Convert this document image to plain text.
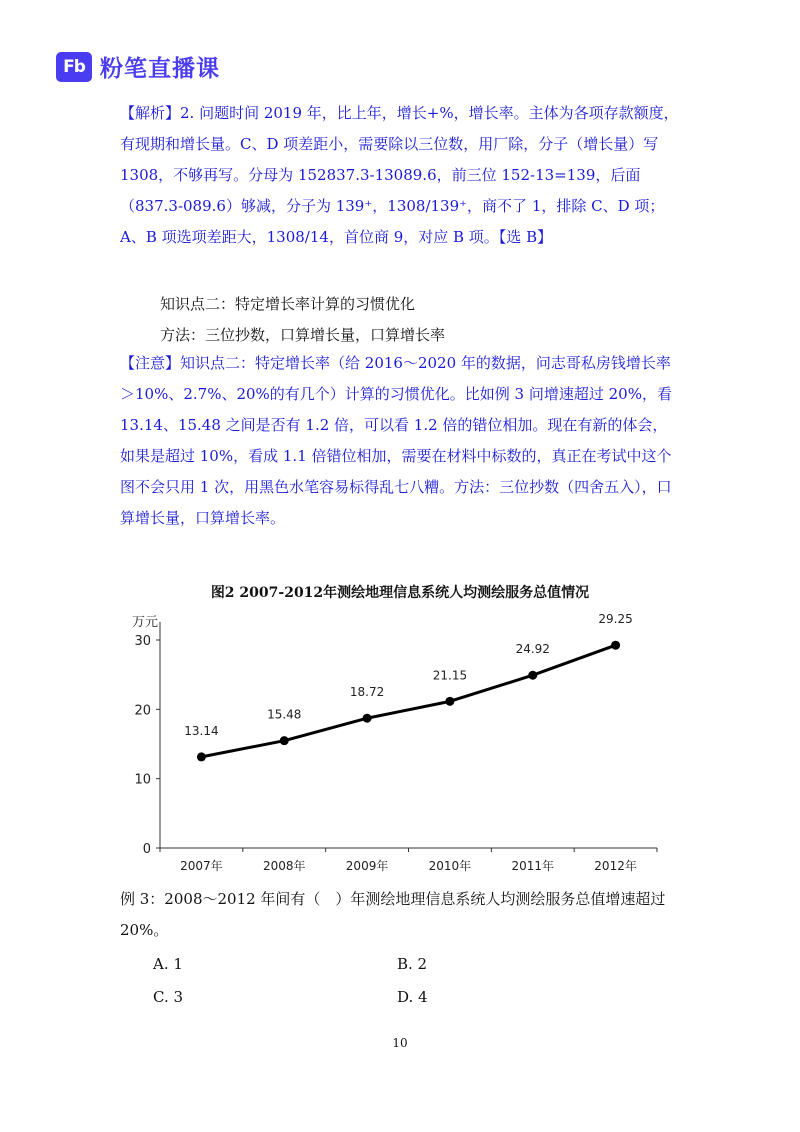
Fb 粉笔直播课

【解析】2. 问题时间 2019 年，比上年，增长+%，增长率。主体为各项存款额度，有现期和增长量。C、D 项差距小，需要除以三位数，用厂除，分子（增长量）写 1308，不够再写。分母为 152837.3-13089.6，前三位 152-13=139，后面（837.3-089.6）够减，分子为 139⁺，1308/139⁺，商不了 1，排除 C、D 项；A、B 项选项差距大，1308/14，首位商 9，对应 B 项。【选 B】

知识点二：特定增长率计算的习惯优化
方法：三位抄数，口算增长量，口算增长率

【注意】知识点二：特定增长率（给 2016～2020 年的数据，问志哥私房钱增长率＞10%、2.7%、20%的有几个）计算的习惯优化。比如例 3 问增速超过 20%，看 13.14、15.48 之间是否有 1.2 倍，可以看 1.2 倍的错位相加。现在有新的体会，如果是超过 10%，看成 1.1 倍错位相加，需要在材料中标数的，真正在考试中这个图不会只用 1 次，用黑色水笔容易标得乱七八糟。方法：三位抄数（四舍五入），口算增长量，口算增长率。

图2 2007-2012年测绘地理信息系统人均测绘服务总值情况
万元
0
10
20
30
2007年	2008年	2009年	2010年	2011年	2012年
13.14
15.48
18.72
21.15
24.92
29.25

例 3：2008～2012 年间有（　）年测绘地理信息系统人均测绘服务总值增速超过 20%。

A. 1	B. 2
C. 3	D. 4
10
